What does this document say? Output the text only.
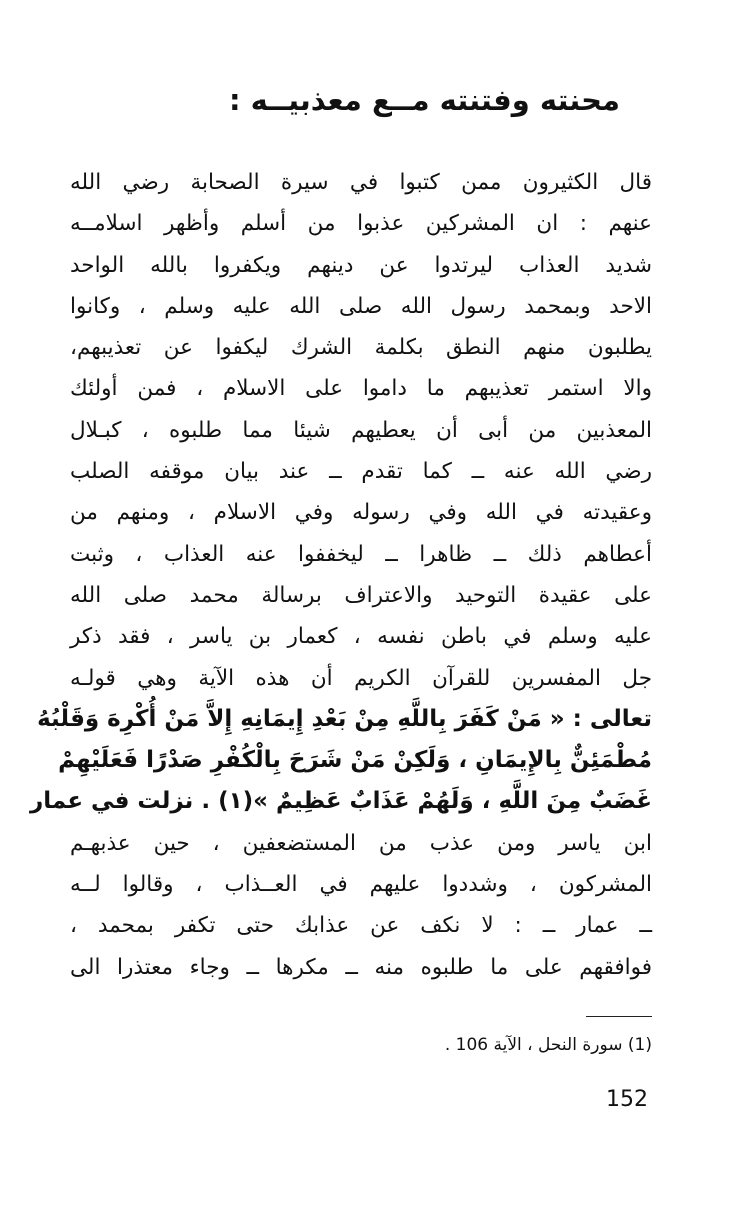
محنته وفتنته مــع معذبيــه :
قال الكثيرون ممن كتبوا في سيرة الصحابة رضي الله
عنهم : ان المشركين عذبوا من أسلم وأظهر اسلامــه
شديد العذاب ليرتدوا عن دينهم ويكفروا بالله الواحد
الاحد وبمحمد رسول الله صلى الله عليه وسلم ، وكانوا
يطلبون منهم النطق بكلمة الشرك ليكفوا عن تعذيبهم،
والا استمر تعذيبهم ما داموا على الاسلام ، فمن أولئك
المعذبين من أبى أن يعطيهم شيئا مما طلبوه ، كبـلال
رضي الله عنه ــ كما تقدم ــ عند بيان موقفه الصلب
وعقيدته في الله وفي رسوله وفي الاسلام ، ومنهم من
أعطاهم ذلك ــ ظاهرا ــ ليخففوا عنه العذاب ، وثبت
على عقيدة التوحيد والاعتراف برسالة محمد صلى الله
عليه وسلم في باطن نفسه ، كعمار بن ياسر ، فقد ذكر
جل المفسرين للقرآن الكريم أن هذه الآية وهي قولـه
تعالى : « مَنْ كَفَرَ بِاللَّهِ مِنْ بَعْدِ إِيمَانِهِ إِلاَّ مَنْ أُكْرِهَ وَقَلْبُهُ
مُطْمَئِنٌّ بِالإِيمَانِ ، وَلَكِنْ مَنْ شَرَحَ بِالْكُفْرِ صَدْرًا فَعَلَيْهِمْ
غَضَبٌ مِنَ اللَّهِ ، وَلَهُمْ عَذَابٌ عَظِيمٌ »(١) . نزلت في عمار
ابن ياسر ومن عذب من المستضعفين ، حين عذبهـم
المشركون ، وشددوا عليهم في العــذاب ، وقالوا لــه
ــ عمار ــ : لا نكف عن عذابك حتى تكفر بمحمد ،
فوافقهم على ما طلبوه منه ــ مكرها ــ وجاء معتذرا الى
(1) سورة النحل ، الآية 106 .
152
